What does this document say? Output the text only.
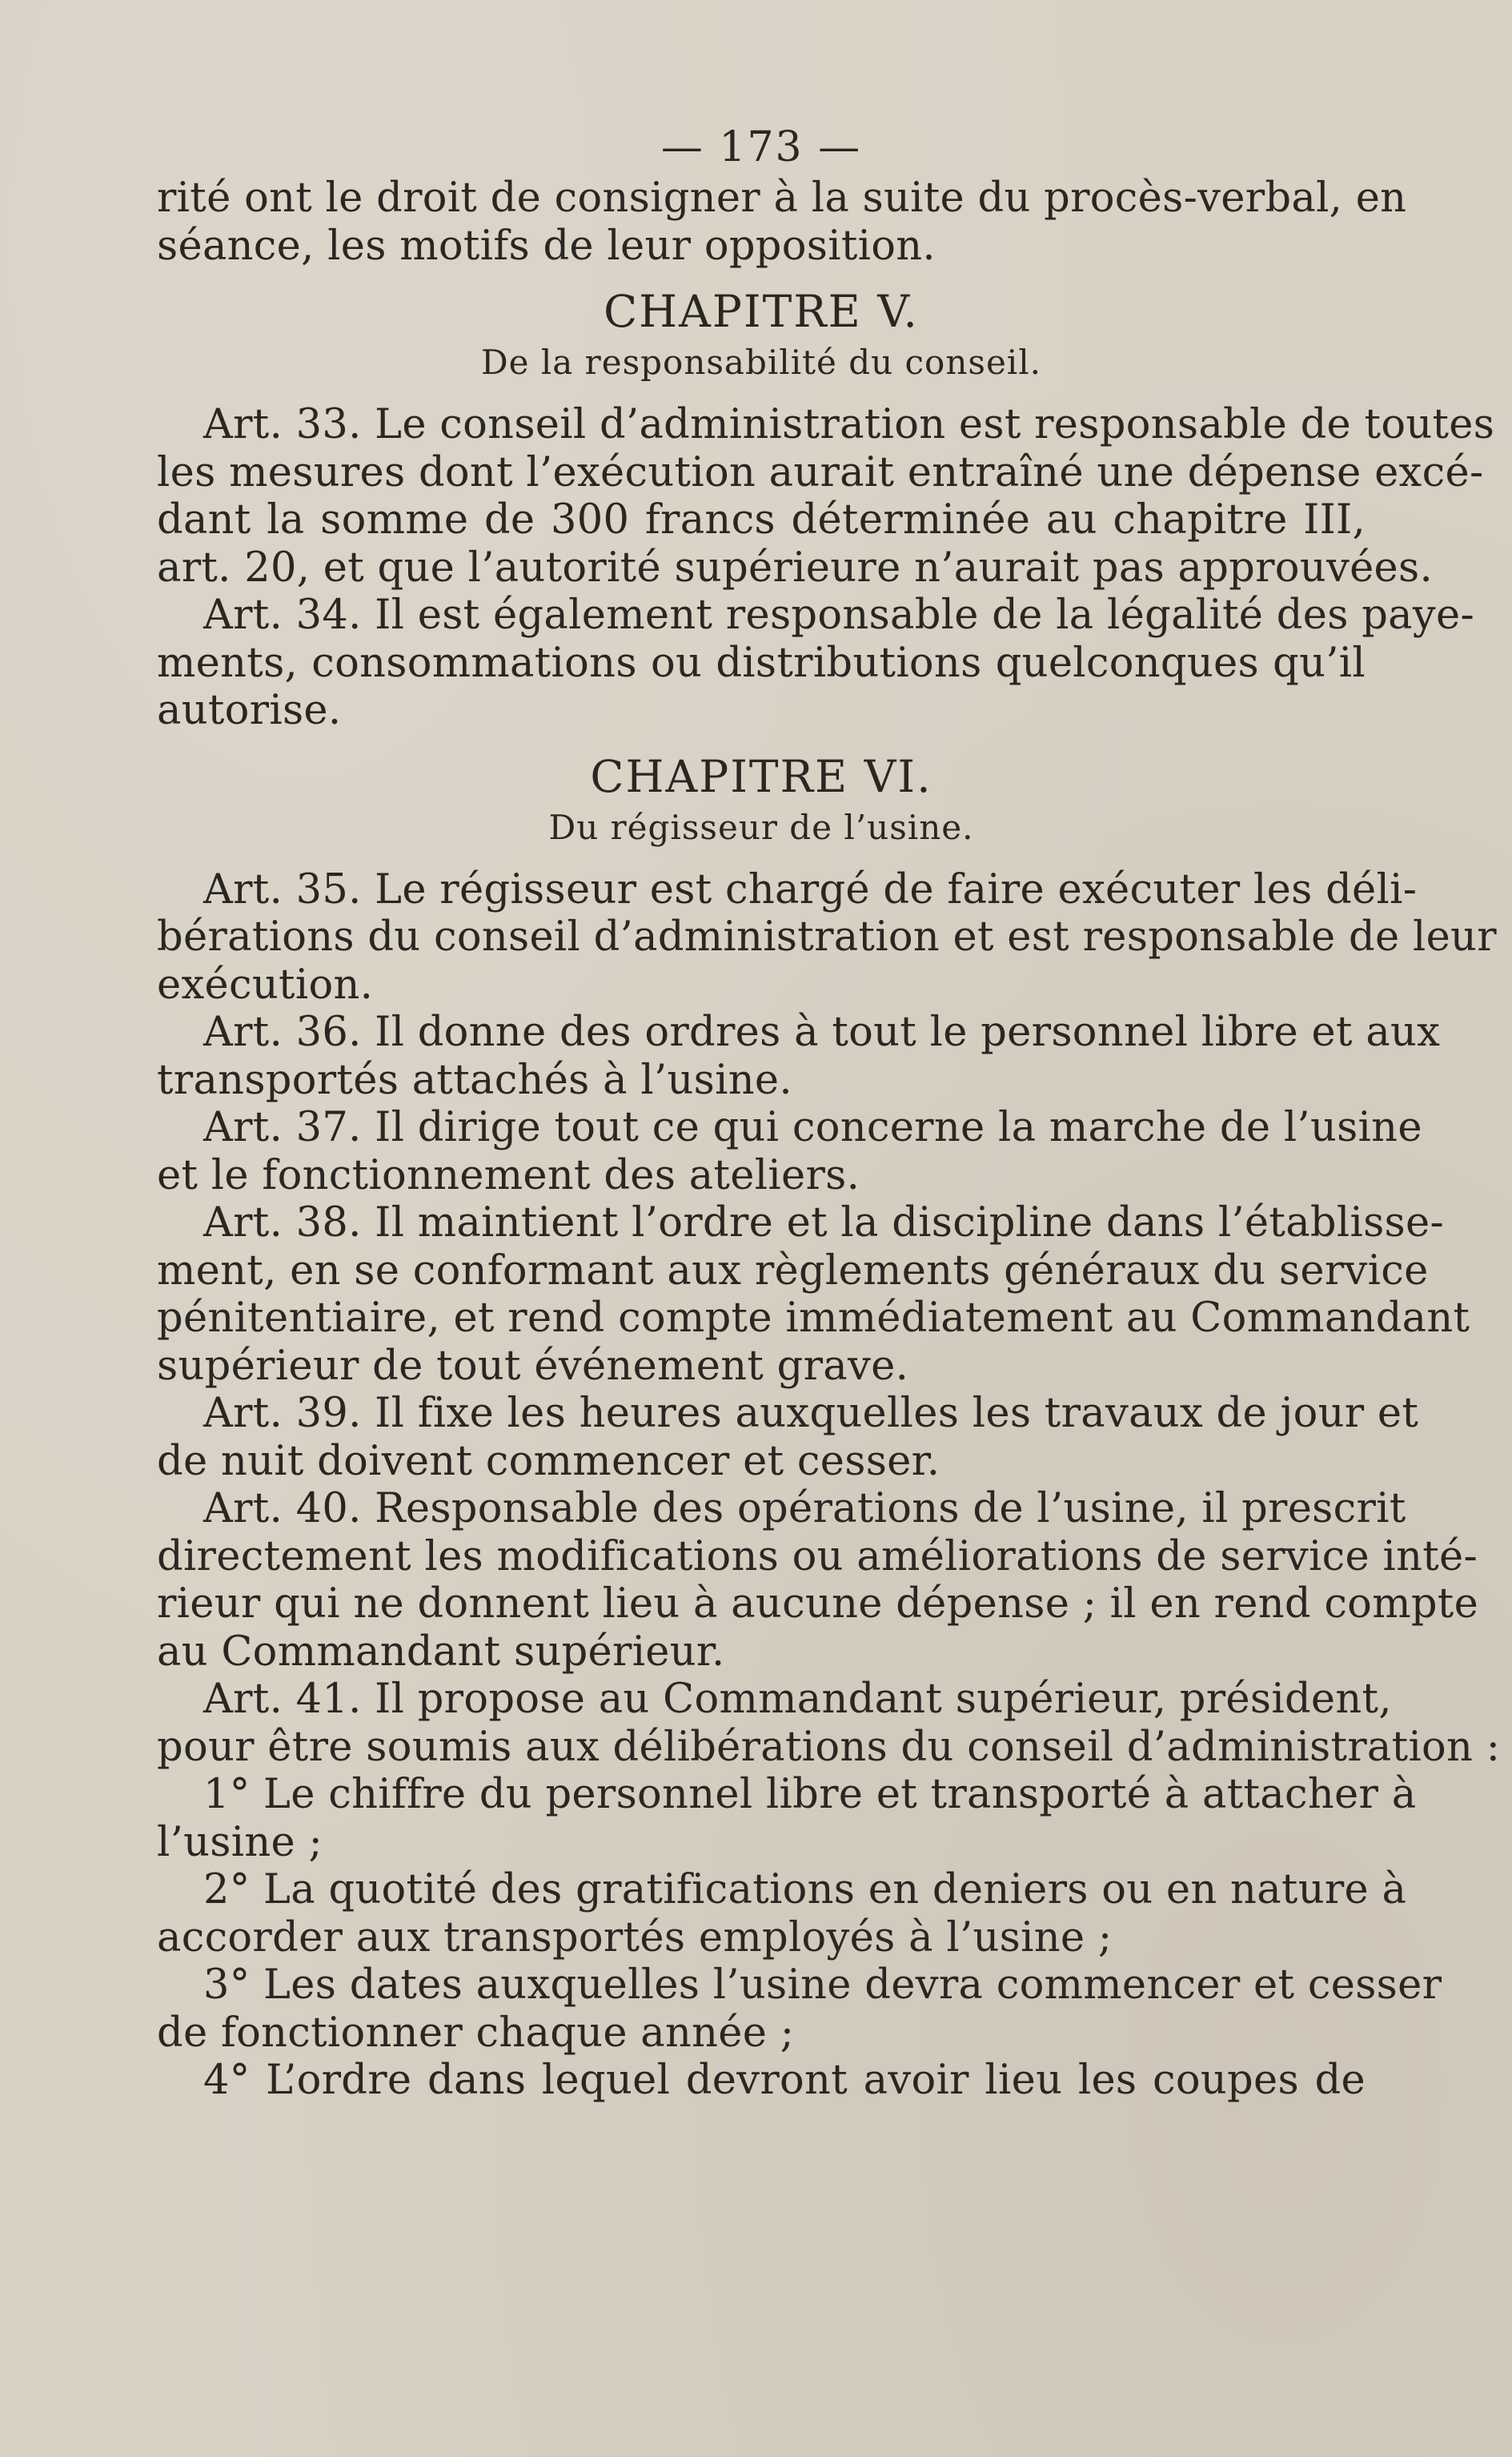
— 173 —
rité ont le droit de consigner à la suite du procès-verbal, en
séance, les motifs de leur opposition.
CHAPITRE V.
De la responsabilité du conseil.
Art. 33. Le conseil d’administration est responsable de toutes
les mesures dont l’exécution aurait entraîné une dépense excé-
dant la somme de 300 francs déterminée au chapitre III,
art. 20, et que l’autorité supérieure n’aurait pas approuvées.
Art. 34. Il est également responsable de la légalité des paye-
ments, consommations ou distributions quelconques qu’il
autorise.
CHAPITRE VI.
Du régisseur de l’usine.
Art. 35. Le régisseur est chargé de faire exécuter les déli-
bérations du conseil d’administration et est responsable de leur
exécution.
Art. 36. Il donne des ordres à tout le personnel libre et aux
transportés attachés à l’usine.
Art. 37. Il dirige tout ce qui concerne la marche de l’usine
et le fonctionnement des ateliers.
Art. 38. Il maintient l’ordre et la discipline dans l’établisse-
ment, en se conformant aux règlements généraux du service
pénitentiaire, et rend compte immédiatement au Commandant
supérieur de tout événement grave.
Art. 39. Il fixe les heures auxquelles les travaux de jour et
de nuit doivent commencer et cesser.
Art. 40. Responsable des opérations de l’usine, il prescrit
directement les modifications ou améliorations de service inté-
rieur qui ne donnent lieu à aucune dépense ; il en rend compte
au Commandant supérieur.
Art. 41. Il propose au Commandant supérieur, président,
pour être soumis aux délibérations du conseil d’administration :
1° Le chiffre du personnel libre et transporté à attacher à
l’usine ;
2° La quotité des gratifications en deniers ou en nature à
accorder aux transportés employés à l’usine ;
3° Les dates auxquelles l’usine devra commencer et cesser
de fonctionner chaque année ;
4° L’ordre dans lequel devront avoir lieu les coupes de
